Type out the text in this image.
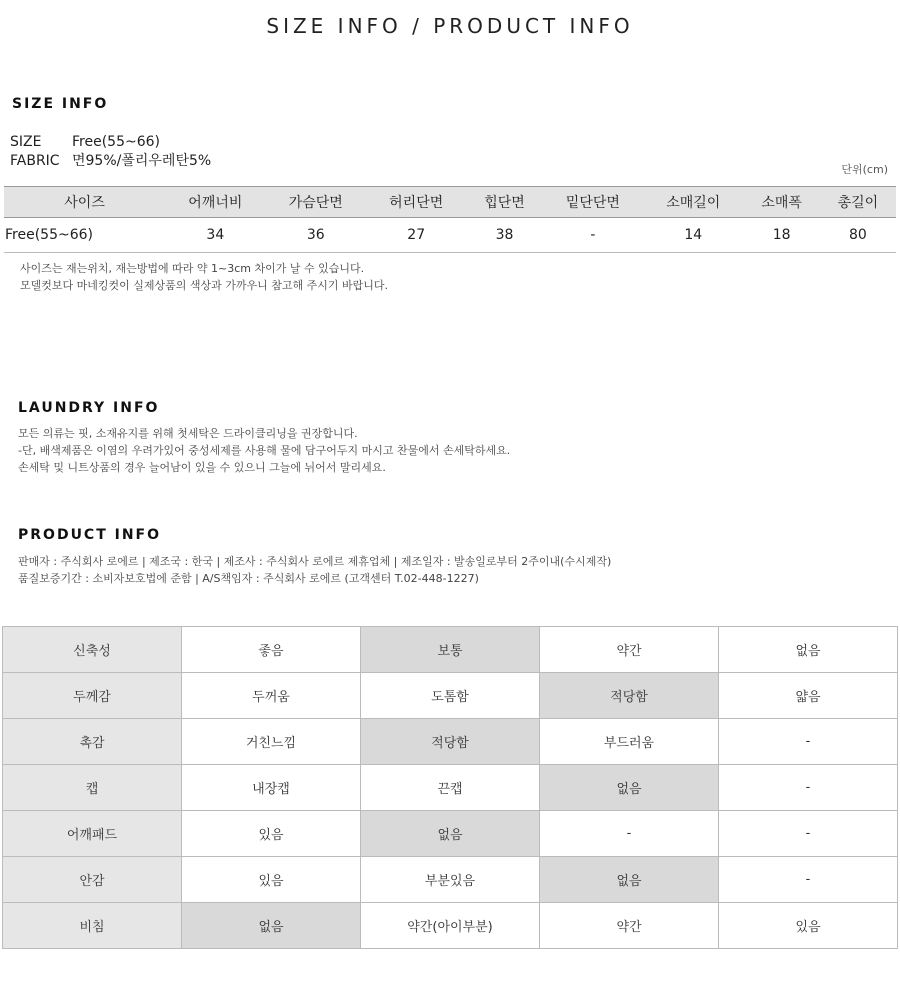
SIZE INFO / PRODUCT INFO
SIZE INFO
SIZE Free(55~66)
FABRIC 면95%/폴리우레탄5%
단위(cm)
사이즈	어깨너비	가슴단면	허리단면	힙단면	밑단단면	소매길이	소매폭	총길이
Free(55~66)	34	36	27	38	-	14	18	80
사이즈는 재는위치, 재는방법에 따라 약 1~3cm 차이가 날 수 있습니다.
모델컷보다 마네킹컷이 실제상품의 색상과 가까우니 참고해 주시기 바랍니다.
LAUNDRY INFO
모든 의류는 핏, 소재유지를 위해 첫세탁은 드라이클리닝을 권장합니다.
-단, 배색제품은 이염의 우려가있어 중성세제를 사용해 물에 담구어두지 마시고 찬물에서 손세탁하세요.
손세탁 및 니트상품의 경우 늘어남이 있을 수 있으니 그늘에 뉘어서 말리세요.
PRODUCT INFO
판매자 : 주식회사 로에르 | 제조국 : 한국 | 제조사 : 주식회사 로에르 제휴업체 | 제조일자 : 발송일로부터 2주이내(수시제작)
품질보증기간 : 소비자보호법에 준함 | A/S책임자 : 주식회사 로에르 (고객센터 T.02-448-1227)
신축성	좋음	보통	약간	없음
두께감	두꺼움	도톰함	적당함	얇음
촉감	거친느낌	적당함	부드러움	-
캡	내장캡	끈캡	없음	-
어깨패드	있음	없음	-	-
안감	있음	부분있음	없음	-
비침	없음	약간(아이부분)	약간	있음
